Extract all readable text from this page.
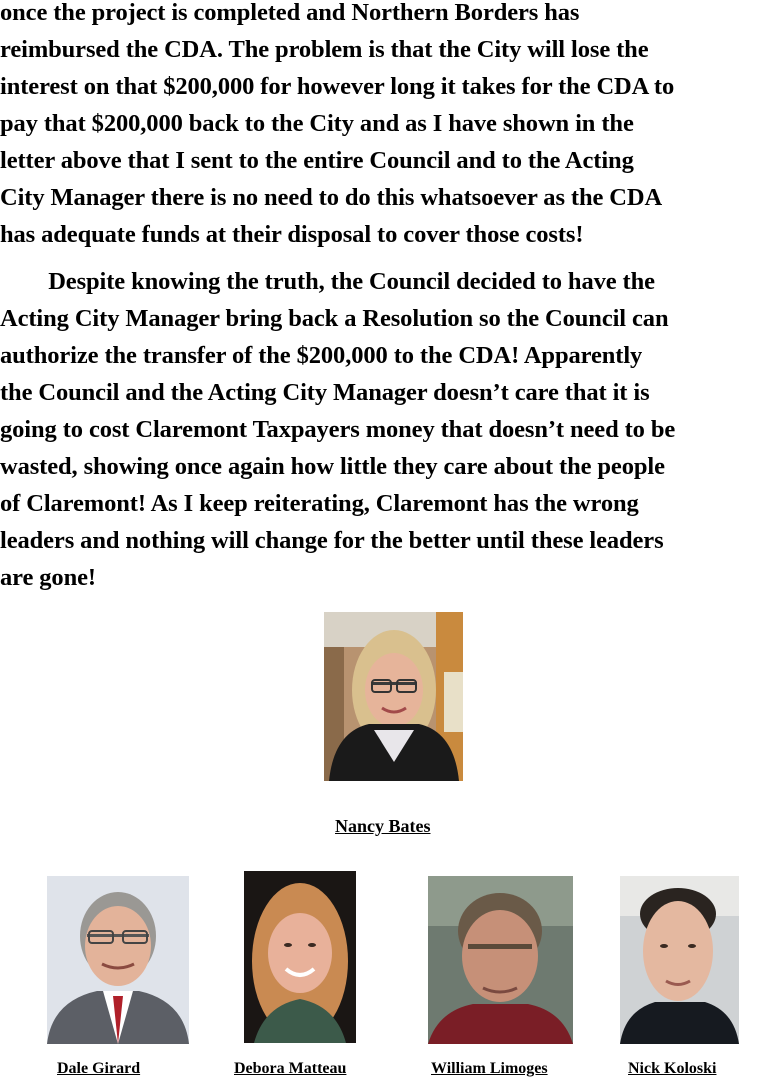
once the project is completed and Northern Borders has
reimbursed the CDA. The problem is that the City will lose the
interest on that $200,000 for however long it takes for the CDA to
pay that $200,000 back to the City and as I have shown in the
letter above that I sent to the entire Council and to the Acting
City Manager there is no need to do this whatsoever as the CDA
has adequate funds at their disposal to cover those costs!
Despite knowing the truth, the Council decided to have the
Acting City Manager bring back a Resolution so the Council can
authorize the transfer of the $200,000 to the CDA! Apparently
the Council and the Acting City Manager doesn’t care that it is
going to cost Claremont Taxpayers money that doesn’t need to be
wasted, showing once again how little they care about the people
of Claremont! As I keep reiterating, Claremont has the wrong
leaders and nothing will change for the better until these leaders
are gone!
Nancy Bates
Dale Girard	Debora Matteau	William Limoges	Nick Koloski
